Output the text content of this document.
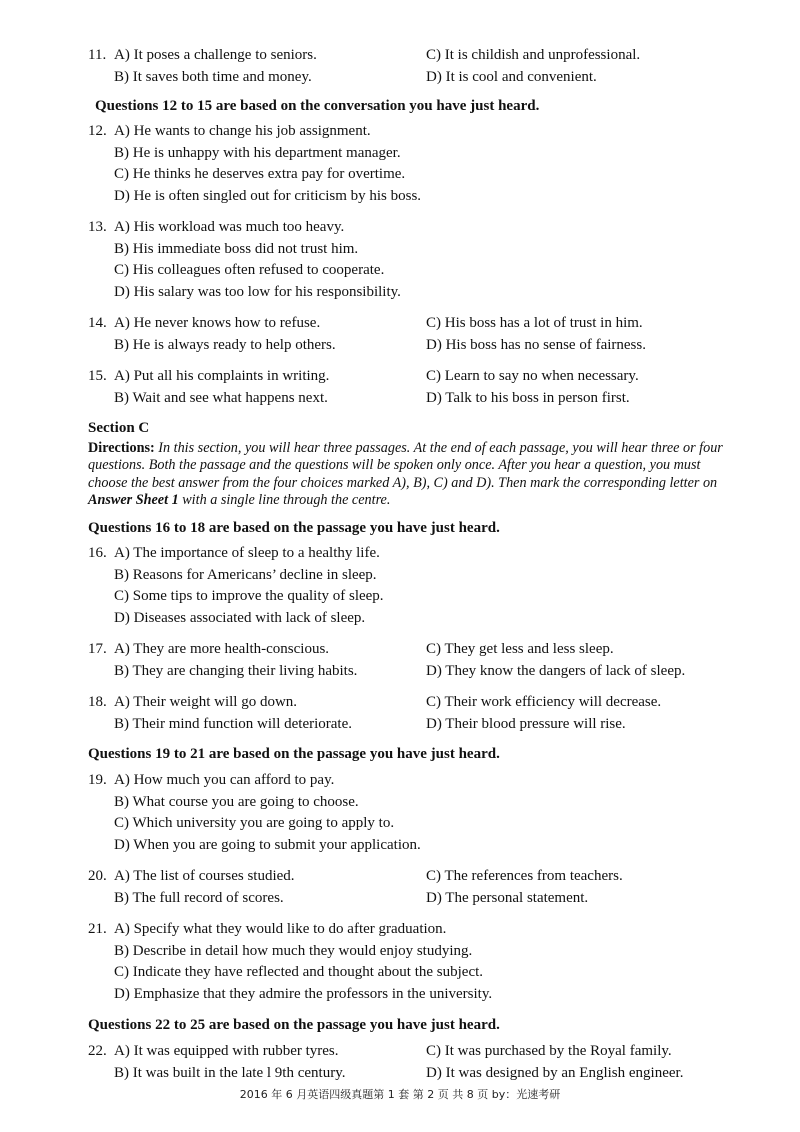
11. A) It poses a challenge to seniors.	C) It is childish and unprofessional.
B) It saves both time and money.	D) It is cool and convenient.
Questions 12 to 15 are based on the conversation you have just heard.
12. A) He wants to change his job assignment.
B) He is unhappy with his department manager.
C) He thinks he deserves extra pay for overtime.
D) He is often singled out for criticism by his boss.
13. A) His workload was much too heavy.
B) His immediate boss did not trust him.
C) His colleagues often refused to cooperate.
D) His salary was too low for his responsibility.
14. A) He never knows how to refuse.	C) His boss has a lot of trust in him.
B) He is always ready to help others.	D) His boss has no sense of fairness.
15. A) Put all his complaints in writing.	C) Learn to say no when necessary.
B) Wait and see what happens next.	D) Talk to his boss in person first.
Section C
Directions: In this section, you will hear three passages. At the end of each passage, you will hear three or four questions. Both the passage and the questions will be spoken only once. After you hear a question, you must choose the best answer from the four choices marked A), B), C) and D). Then mark the corresponding letter on Answer Sheet 1 with a single line through the centre.
Questions 16 to 18 are based on the passage you have just heard.
16. A) The importance of sleep to a healthy life.
B) Reasons for Americans’ decline in sleep.
C) Some tips to improve the quality of sleep.
D) Diseases associated with lack of sleep.
17. A) They are more health-conscious.	C) They get less and less sleep.
B) They are changing their living habits.	D) They know the dangers of lack of sleep.
18. A) Their weight will go down.	C) Their work efficiency will decrease.
B) Their mind function will deteriorate.	D) Their blood pressure will rise.
Questions 19 to 21 are based on the passage you have just heard.
19. A) How much you can afford to pay.
B) What course you are going to choose.
C) Which university you are going to apply to.
D) When you are going to submit your application.
20. A) The list of courses studied.	C) The references from teachers.
B) The full record of scores.	D) The personal statement.
21. A) Specify what they would like to do after graduation.
B) Describe in detail how much they would enjoy studying.
C) Indicate they have reflected and thought about the subject.
D) Emphasize that they admire the professors in the university.
Questions 22 to 25 are based on the passage you have just heard.
22. A) It was equipped with rubber tyres.	C) It was purchased by the Royal family.
B) It was built in the late l 9th century.	D) It was designed by an English engineer.
2016 年 6 月英语四级真题第 1 套 第 2 页 共 8 页 by：光速考研
